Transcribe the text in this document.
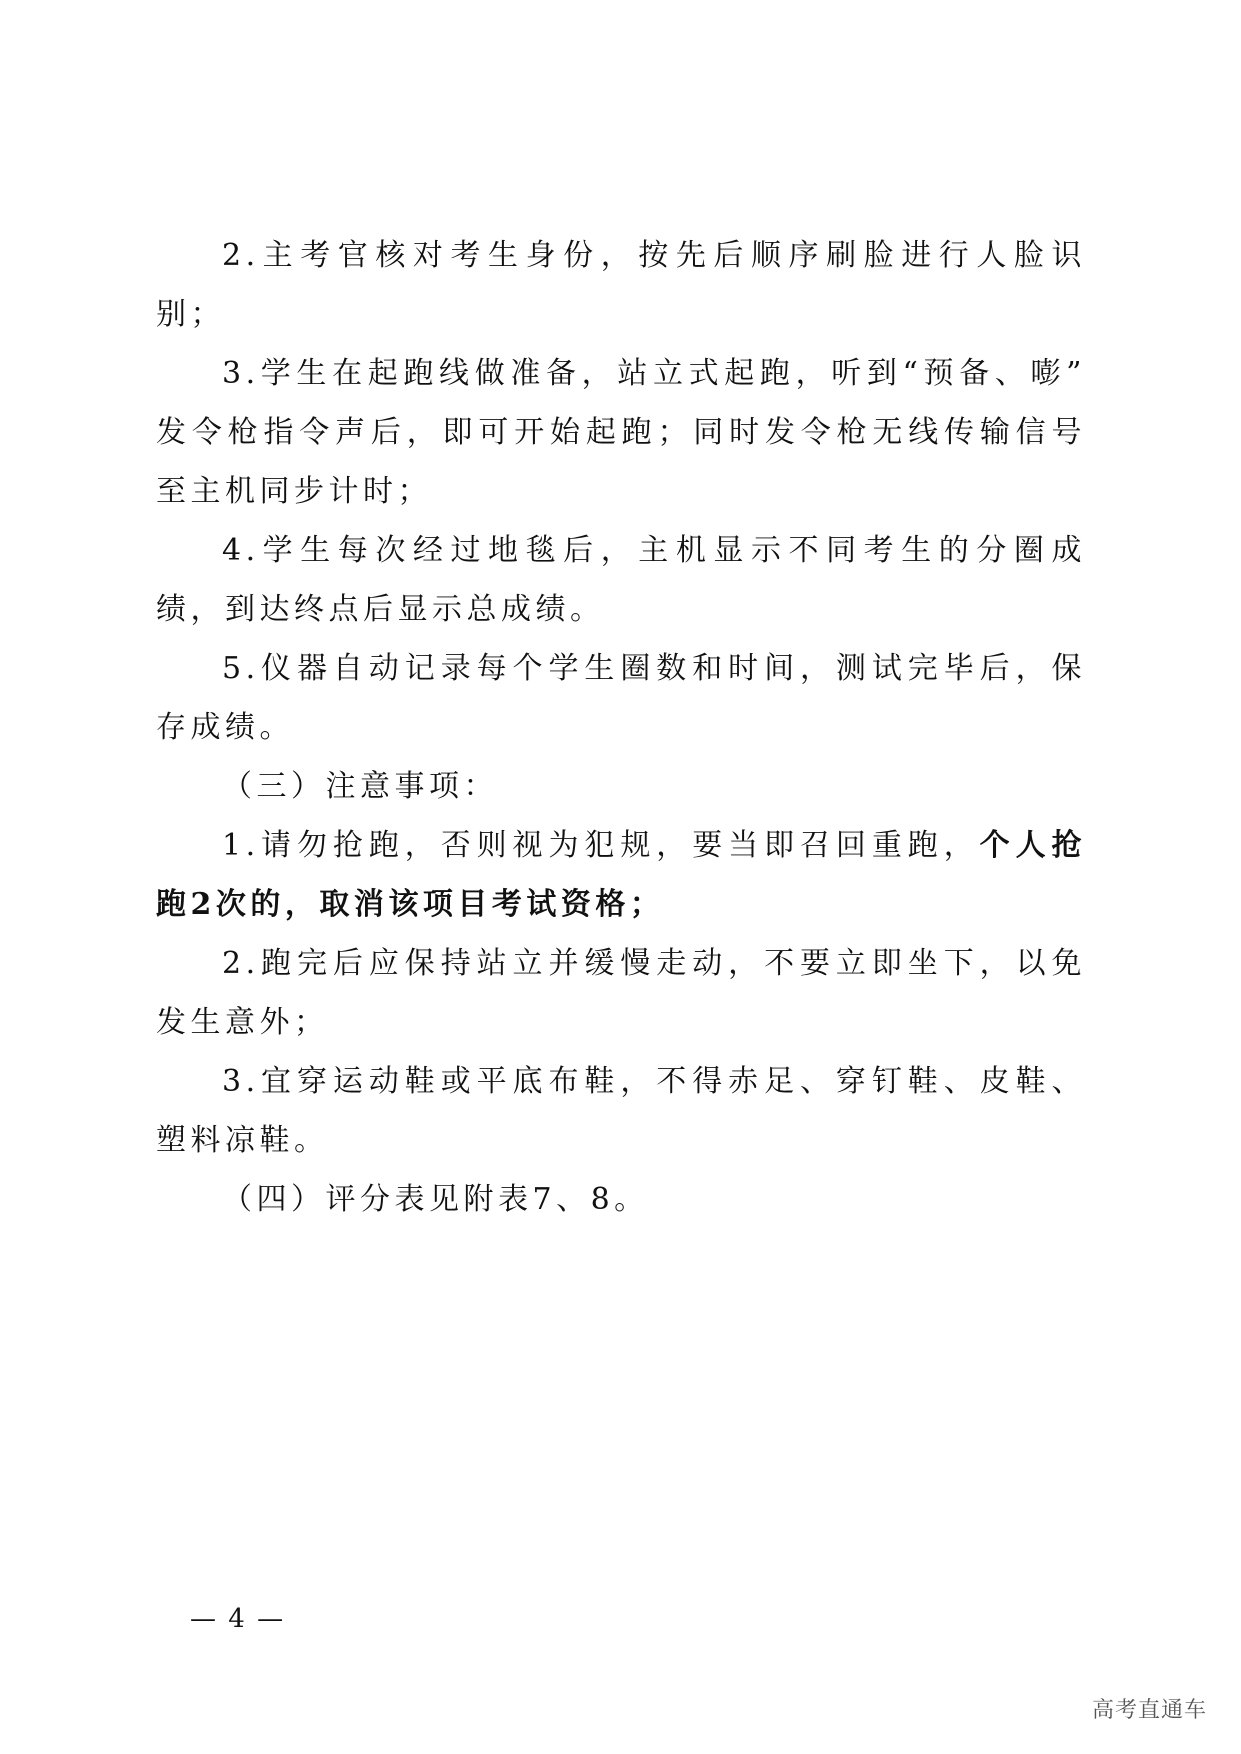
2.主考官核对考生身份，按先后顺序刷脸进行人脸识别；

3.学生在起跑线做准备，站立式起跑，听到“预备、嘭” 发令枪指令声后，即可开始起跑；同时发令枪无线传输信号至主机同步计时；

4.学生每次经过地毯后，主机显示不同考生的分圈成绩，到达终点后显示总成绩。

5.仪器自动记录每个学生圈数和时间，测试完毕后，保存成绩。

（三）注意事项：

1.请勿抢跑，否则视为犯规，要当即召回重跑，个人抢跑2次的，取消该项目考试资格；

2.跑完后应保持站立并缓慢走动，不要立即坐下，以免发生意外；

3.宜穿运动鞋或平底布鞋，不得赤足、穿钉鞋、皮鞋、塑料凉鞋。

（四）评分表见附表7、8。

— 4 —
高考直通车
